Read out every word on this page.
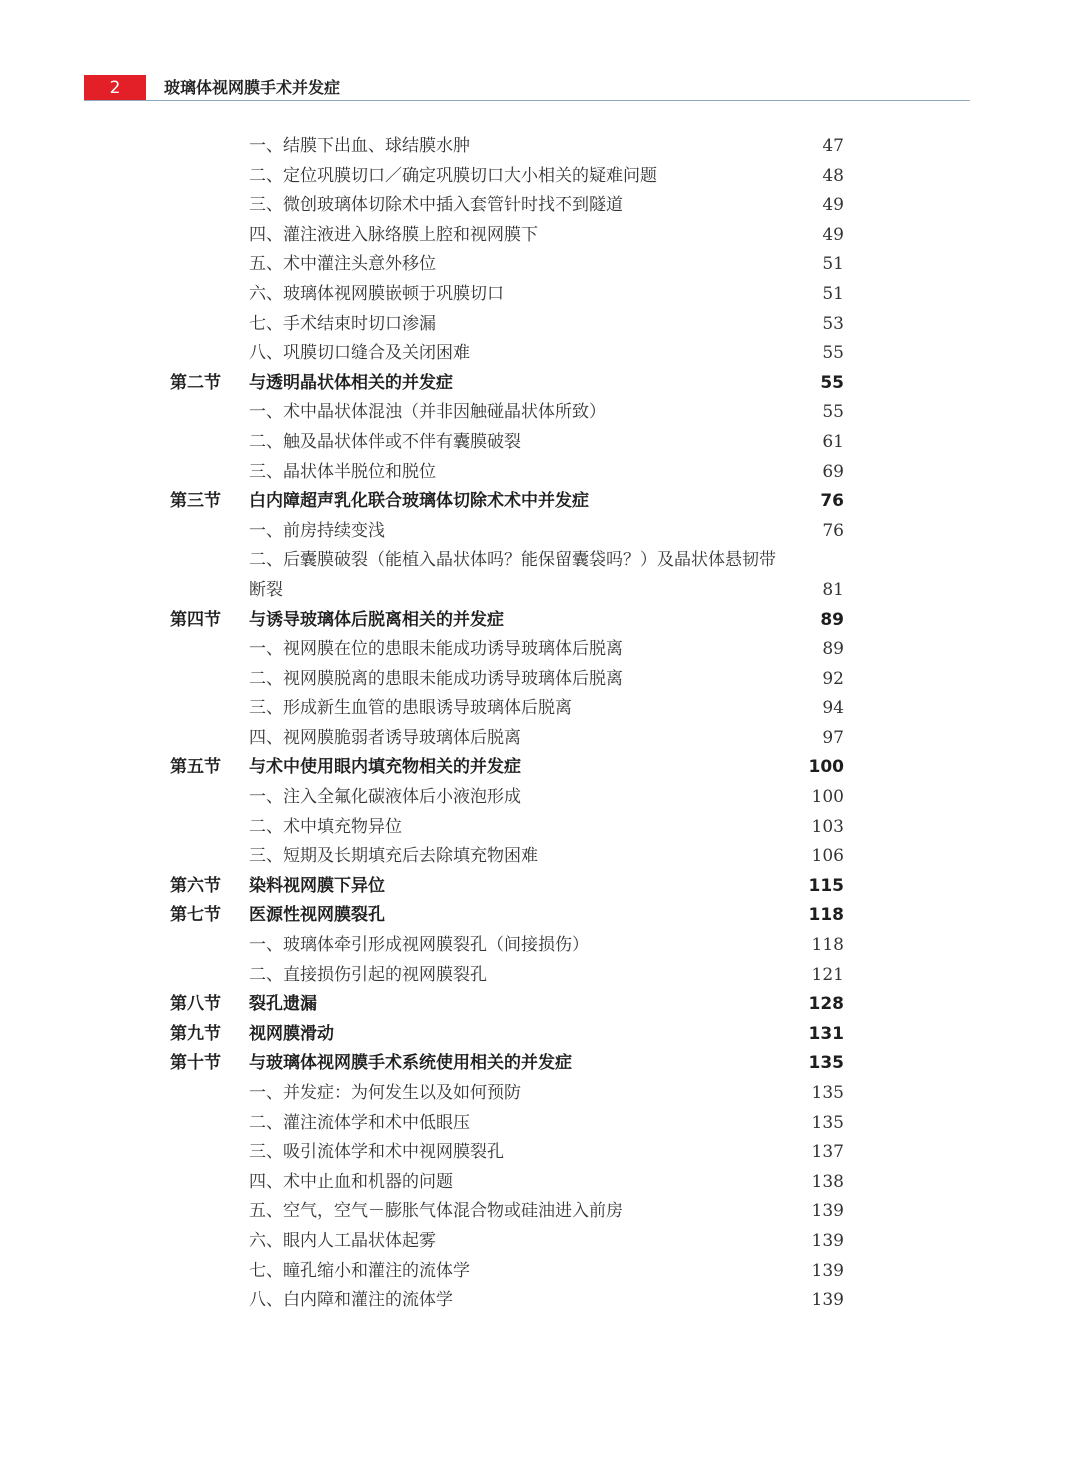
2	玻璃体视网膜手术并发症
一、结膜下出血、球结膜水肿	47
二、定位巩膜切口／确定巩膜切口大小相关的疑难问题	48
三、微创玻璃体切除术中插入套管针时找不到隧道	49
四、灌注液进入脉络膜上腔和视网膜下	49
五、术中灌注头意外移位	51
六、玻璃体视网膜嵌顿于巩膜切口	51
七、手术结束时切口渗漏	53
八、巩膜切口缝合及关闭困难	55
第二节 与透明晶状体相关的并发症	55
一、术中晶状体混浊（并非因触碰晶状体所致）	55
二、触及晶状体伴或不伴有囊膜破裂	61
三、晶状体半脱位和脱位	69
第三节 白内障超声乳化联合玻璃体切除术术中并发症	76
一、前房持续变浅	76
二、后囊膜破裂（能植入晶状体吗？能保留囊袋吗？）及晶状体悬韧带
断裂	81
第四节 与诱导玻璃体后脱离相关的并发症	89
一、视网膜在位的患眼未能成功诱导玻璃体后脱离	89
二、视网膜脱离的患眼未能成功诱导玻璃体后脱离	92
三、形成新生血管的患眼诱导玻璃体后脱离	94
四、视网膜脆弱者诱导玻璃体后脱离	97
第五节 与术中使用眼内填充物相关的并发症	100
一、注入全氟化碳液体后小液泡形成	100
二、术中填充物异位	103
三、短期及长期填充后去除填充物困难	106
第六节 染料视网膜下异位	115
第七节 医源性视网膜裂孔	118
一、玻璃体牵引形成视网膜裂孔（间接损伤）	118
二、直接损伤引起的视网膜裂孔	121
第八节 裂孔遗漏	128
第九节 视网膜滑动	131
第十节 与玻璃体视网膜手术系统使用相关的并发症	135
一、并发症：为何发生以及如何预防	135
二、灌注流体学和术中低眼压	135
三、吸引流体学和术中视网膜裂孔	137
四、术中止血和机器的问题	138
五、空气，空气－膨胀气体混合物或硅油进入前房	139
六、眼内人工晶状体起雾	139
七、瞳孔缩小和灌注的流体学	139
八、白内障和灌注的流体学	139
